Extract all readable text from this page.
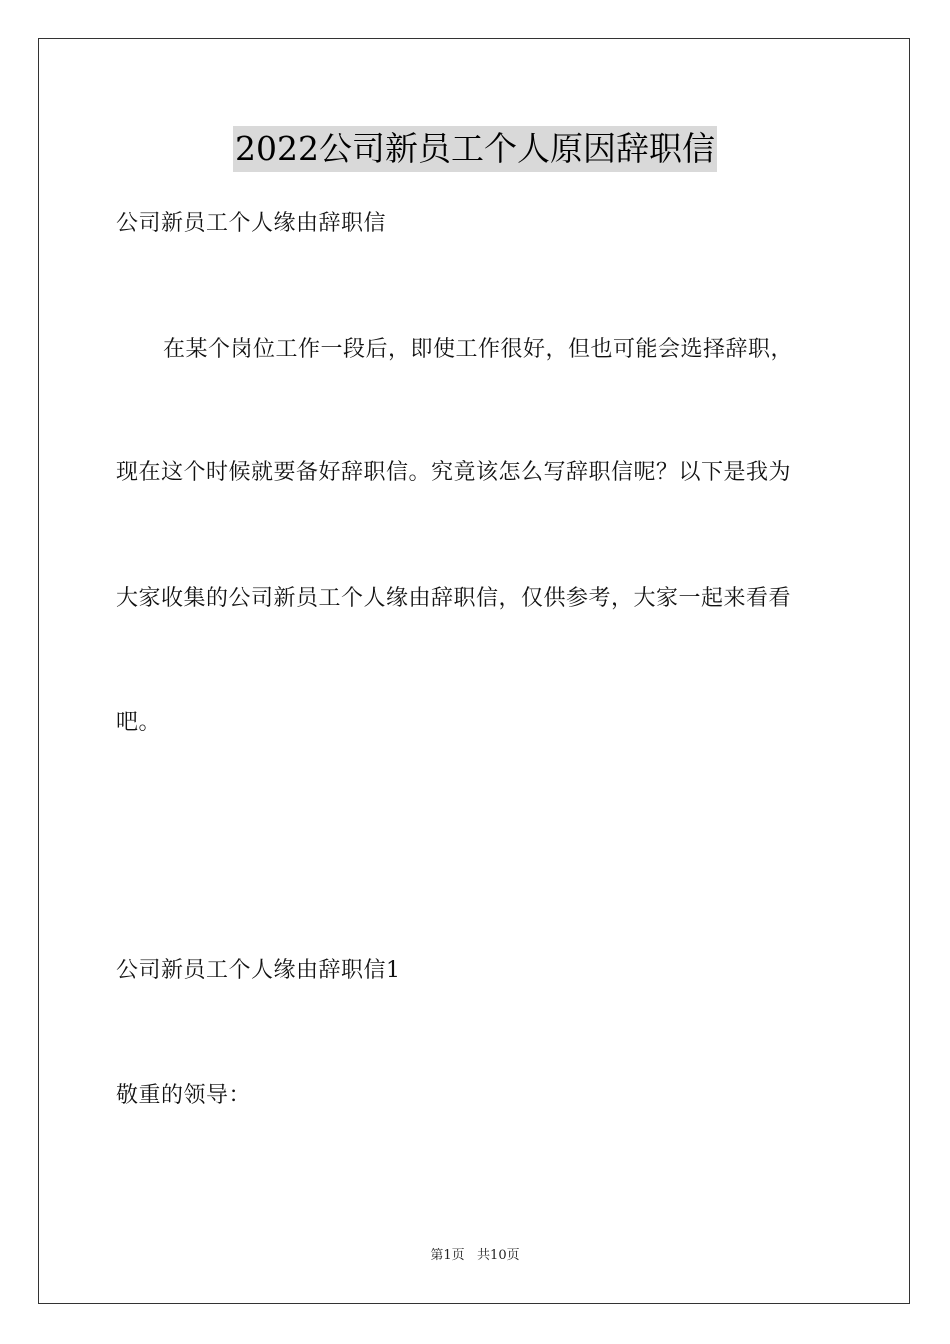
2022公司新员工个人原因辞职信
公司新员工个人缘由辞职信
在某个岗位工作一段后，即使工作很好，但也可能会选择辞职，
现在这个时候就要备好辞职信。究竟该怎么写辞职信呢？以下是我为
大家收集的公司新员工个人缘由辞职信，仅供参考，大家一起来看看
吧。
公司新员工个人缘由辞职信1
敬重的领导：
第1页   共10页
